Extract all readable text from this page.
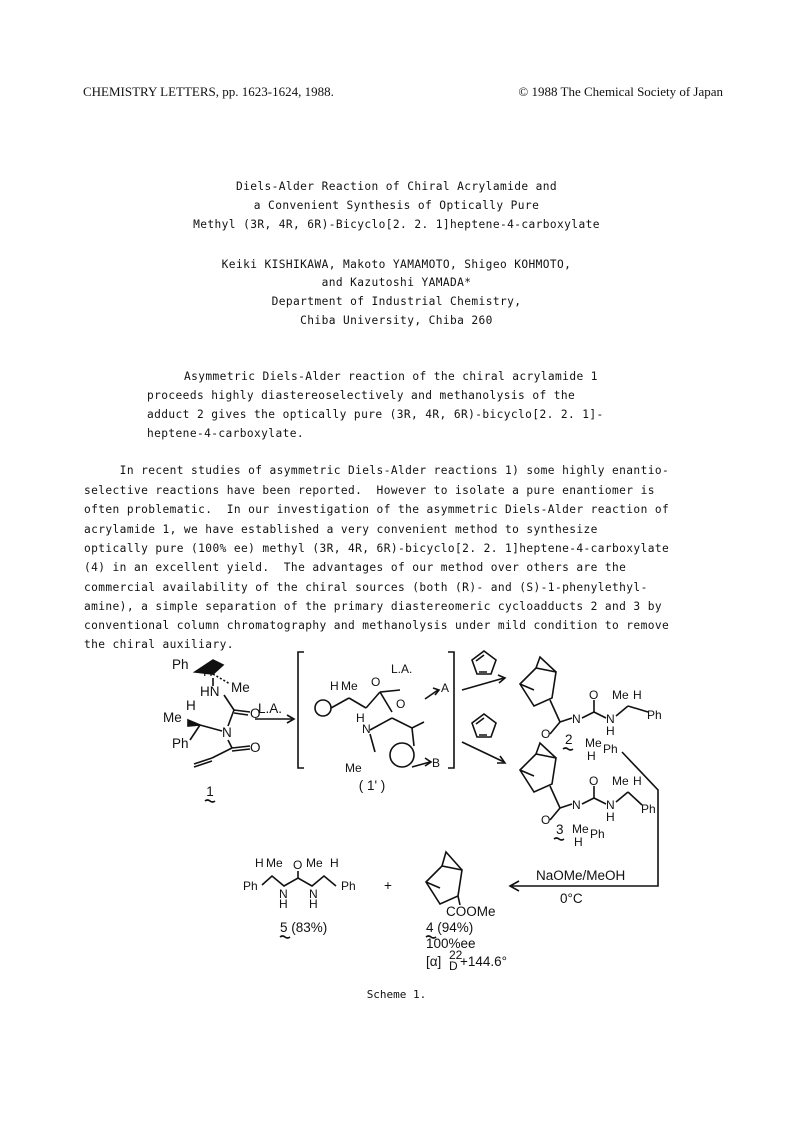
CHEMISTRY LETTERS, pp. 1623-1624, 1988.	© 1988 The Chemical Society of Japan
Diels-Alder Reaction of Chiral Acrylamide and
a Convenient Synthesis of Optically Pure
Methyl (3R, 4R, 6R)-Bicyclo[2. 2. 1]heptene-4-carboxylate
Keiki KISHIKAWA, Makoto YAMAMOTO, Shigeo KOHMOTO,
and Kazutoshi YAMADA*
Department of Industrial Chemistry,
Chiba University, Chiba 260
Asymmetric Diels-Alder reaction of the chiral acrylamide 1
proceeds highly diastereoselectively and methanolysis of the
adduct 2 gives the optically pure (3R, 4R, 6R)-bicyclo[2. 2. 1]-
heptene-4-carboxylate.
In recent studies of asymmetric Diels-Alder reactions 1) some highly enantio-
selective reactions have been reported.  However to isolate a pure enantiomer is
often problematic.  In our investigation of the asymmetric Diels-Alder reaction of
acrylamide 1, we have established a very convenient method to synthesize
optically pure (100% ee) methyl (3R, 4R, 6R)-bicyclo[2. 2. 1]heptene-4-carboxylate
(4) in an excellent yield.  The advantages of our method over others are the
commercial availability of the chiral sources (both (R)- and (S)-1-phenylethyl-
amine), a simple separation of the primary diastereomeric cycloadducts 2 and 3 by
conventional column chromatography and methanolysis under mild condition to remove
the chiral auxiliary.
Ph
Me
HN
O
N
H
Me
Ph	O
1
L.A.
H Me O
L.A.
O
H
N
Me
A
B
( 1' )
O
N
O
N
H
Me H
Ph
2 Me
H Ph
O
N
O
N
H
Me H
Ph
3 Me
H
Ph
NaOMe/MeOH
0°C
H Me O Me H
Ph
N
H
N
H
Ph
5 (83%)
+
COOMe
4 (94%)
100%ee
[α] 22
D +144.6°
Scheme 1.
